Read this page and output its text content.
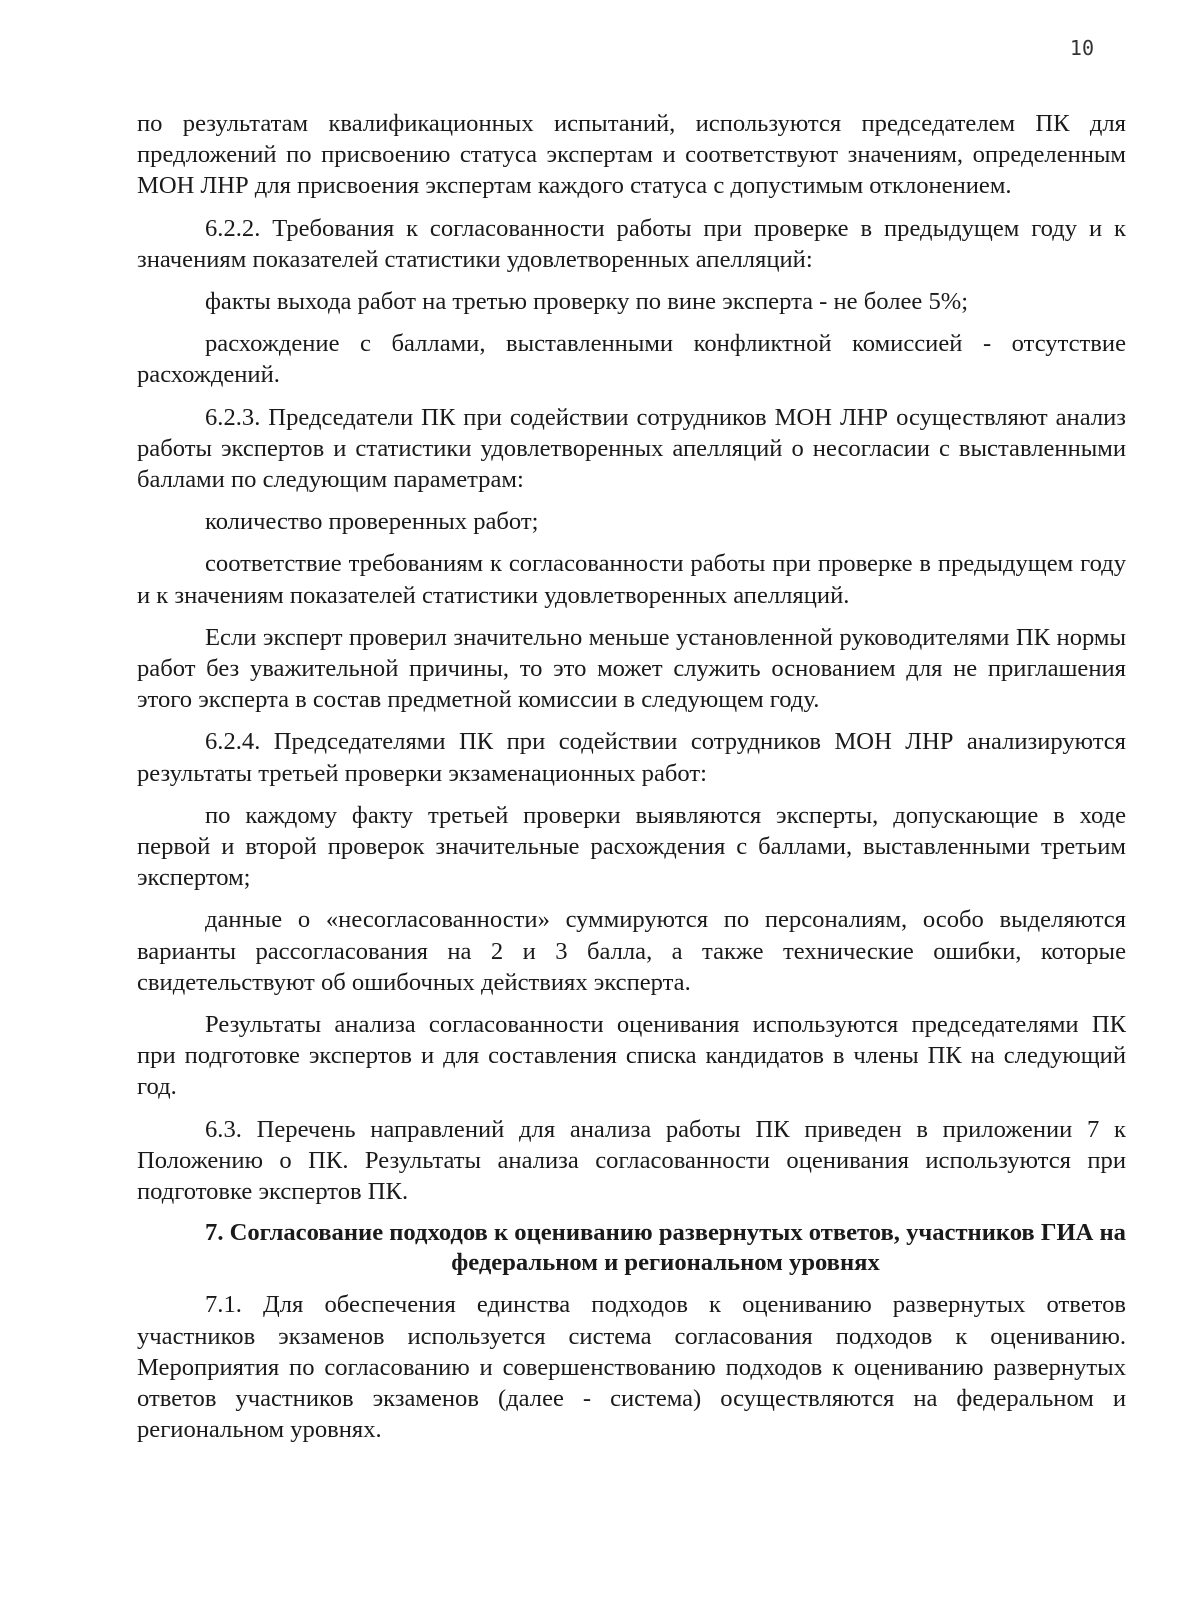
10

по результатам квалификационных испытаний, используются председателем ПК для предложений по присвоению статуса экспертам и соответствуют значениям, определенным МОН ЛНР для присвоения экспертам каждого статуса с допустимым отклонением.

6.2.2. Требования к согласованности работы при проверке в предыдущем году и к значениям показателей статистики удовлетворенных апелляций:

факты выхода работ на третью проверку по вине эксперта - не более 5%;

расхождение с баллами, выставленными конфликтной комиссией - отсутствие расхождений.

6.2.3. Председатели ПК при содействии сотрудников МОН ЛНР осуществляют анализ работы экспертов и статистики удовлетворенных апелляций о несогласии с выставленными баллами по следующим параметрам:

количество проверенных работ;

соответствие требованиям к согласованности работы при проверке в предыдущем году и к значениям показателей статистики удовлетворенных апелляций.

Если эксперт проверил значительно меньше установленной руководителями ПК нормы работ без уважительной причины, то это может служить основанием для не приглашения этого эксперта в состав предметной комиссии в следующем году.

6.2.4. Председателями ПК при содействии сотрудников МОН ЛНР анализируются результаты третьей проверки экзаменационных работ:

по каждому факту третьей проверки выявляются эксперты, допускающие в ходе первой и второй проверок значительные расхождения с баллами, выставленными третьим экспертом;

данные о «несогласованности» суммируются по персоналиям, особо выделяются варианты рассогласования на 2 и 3 балла, а также технические ошибки, которые свидетельствуют об ошибочных действиях эксперта.

Результаты анализа согласованности оценивания используются председателями ПК при подготовке экспертов и для составления списка кандидатов в члены ПК на следующий год.

6.3. Перечень направлений для анализа работы ПК приведен в приложении 7 к Положению о ПК. Результаты анализа согласованности оценивания используются при подготовке экспертов ПК.

7. Согласование подходов к оцениванию развернутых ответов, участников ГИА на федеральном и региональном уровнях

7.1. Для обеспечения единства подходов к оцениванию развернутых ответов участников экзаменов используется система согласования подходов к оцениванию. Мероприятия по согласованию и совершенствованию подходов к оцениванию развернутых ответов участников экзаменов (далее - система) осуществляются на федеральном и региональном уровнях.
